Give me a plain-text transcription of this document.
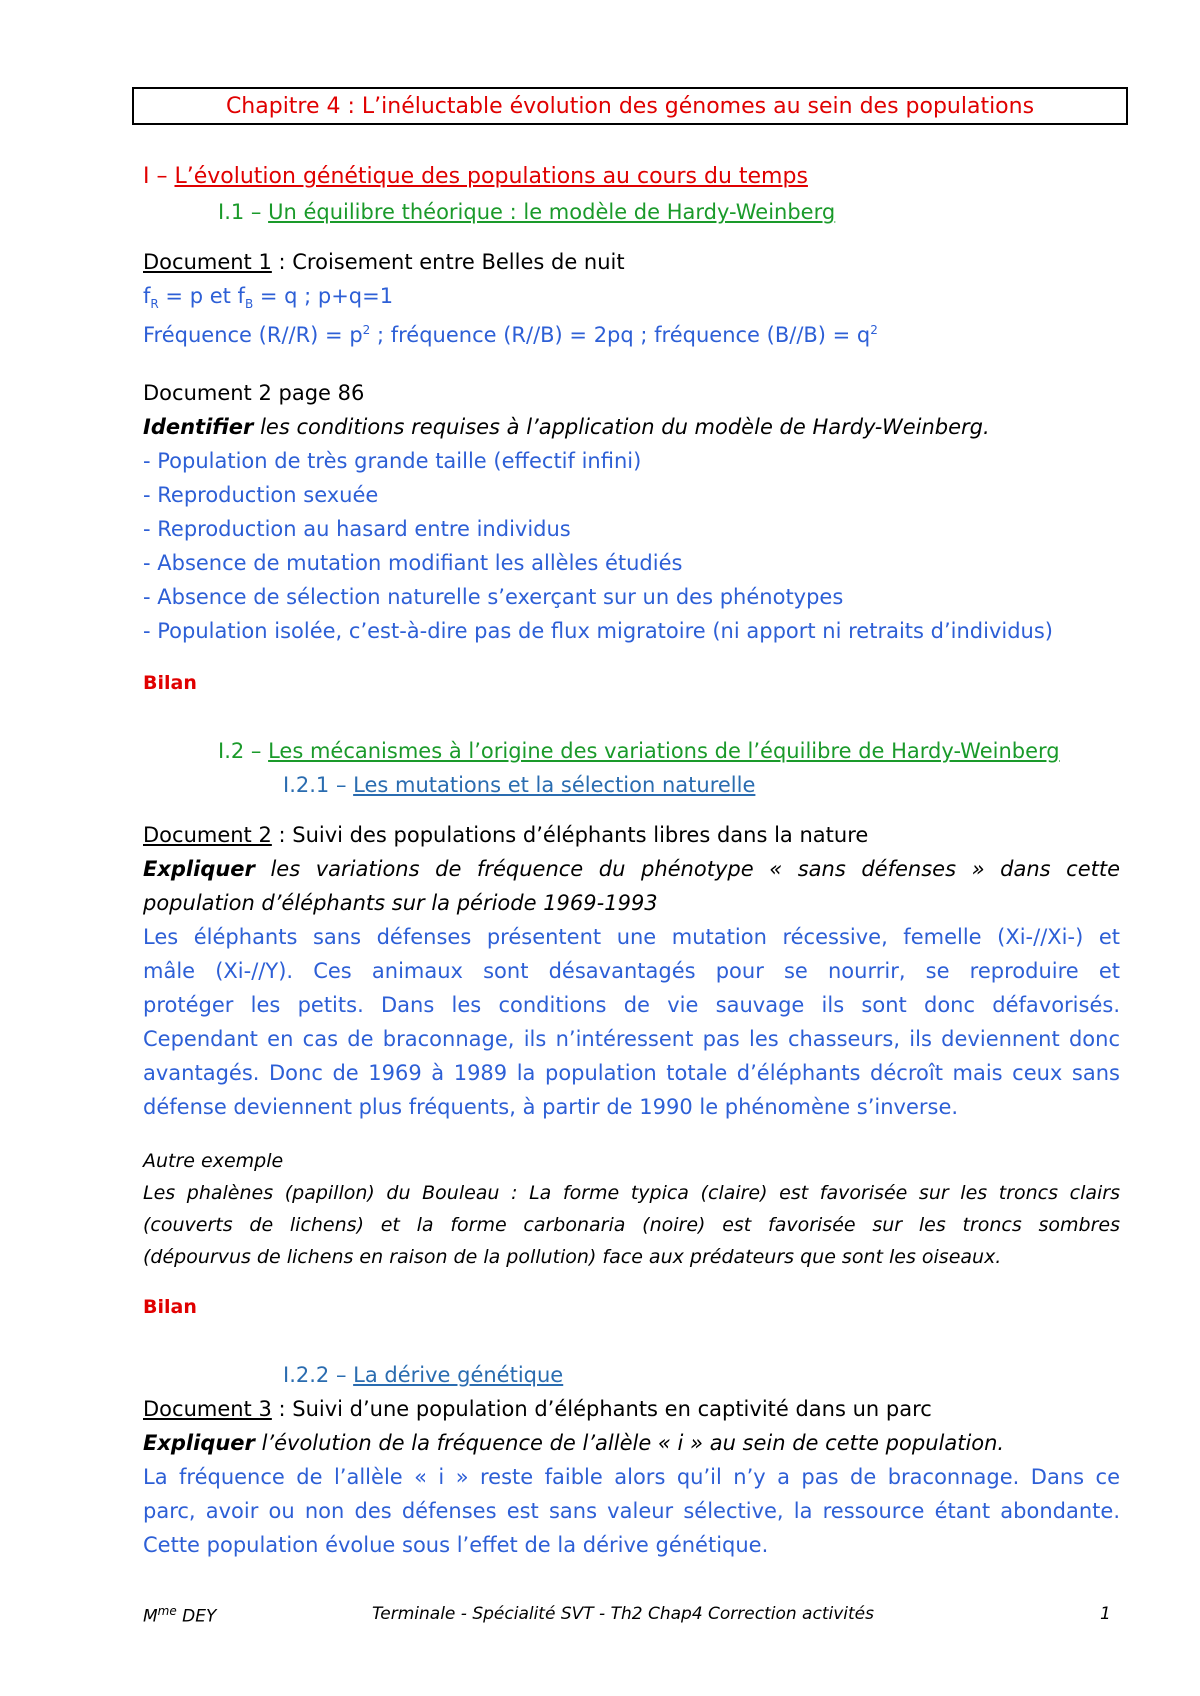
Chapitre 4 : L’inéluctable évolution des génomes au sein des populations
I – L’évolution génétique des populations au cours du temps
I.1 – Un équilibre théorique : le modèle de Hardy-Weinberg
Document 1 : Croisement entre Belles de nuit
$f_R = p$ et $f_B = q$ ; p+q=1
Fréquence $(R//R) = p^2$ ; fréquence (R//B) = 2pq ; fréquence $(B//B) = q^2$
Document 2 page 86
Identifier les conditions requises à l’application du modèle de Hardy-Weinberg.
- Population de très grande taille (effectif infini)
- Reproduction sexuée
- Reproduction au hasard entre individus
- Absence de mutation modifiant les allèles étudiés
- Absence de sélection naturelle s’exerçant sur un des phénotypes
- Population isolée, c’est-à-dire pas de flux migratoire (ni apport ni retraits d’individus)
Bilan
I.2 – Les mécanismes à l’origine des variations de l’équilibre de Hardy-Weinberg
I.2.1 – Les mutations et la sélection naturelle
Document 2 : Suivi des populations d’éléphants libres dans la nature
Expliquer les variations de fréquence du phénotype « sans défenses » dans cette
population d’éléphants sur la période 1969-1993
Les éléphants sans défenses présentent une mutation récessive, femelle (Xi-//Xi-) et
mâle (Xi-//Y). Ces animaux sont désavantagés pour se nourrir, se reproduire et
protéger les petits. Dans les conditions de vie sauvage ils sont donc défavorisés.
Cependant en cas de braconnage, ils n’intéressent pas les chasseurs, ils deviennent donc
avantagés. Donc de 1969 à 1989 la population totale d’éléphants décroît mais ceux sans
défense deviennent plus fréquents, à partir de 1990 le phénomène s’inverse.
Autre exemple
Les phalènes (papillon) du Bouleau : La forme typica (claire) est favorisée sur les troncs clairs
(couverts de lichens) et la forme carbonaria (noire) est favorisée sur les troncs sombres
(dépourvus de lichens en raison de la pollution) face aux prédateurs que sont les oiseaux.
Bilan
I.2.2 – La dérive génétique
Document 3 : Suivi d’une population d’éléphants en captivité dans un parc
Expliquer l’évolution de la fréquence de l’allèle « i » au sein de cette population.
La fréquence de l’allèle « i » reste faible alors qu’il n’y a pas de braconnage. Dans ce
parc, avoir ou non des défenses est sans valeur sélective, la ressource étant abondante.
Cette population évolue sous l’effet de la dérive génétique.
$M^{me}$ DEY	Terminale - Spécialité SVT - Th2 Chap4 Correction activités	1
